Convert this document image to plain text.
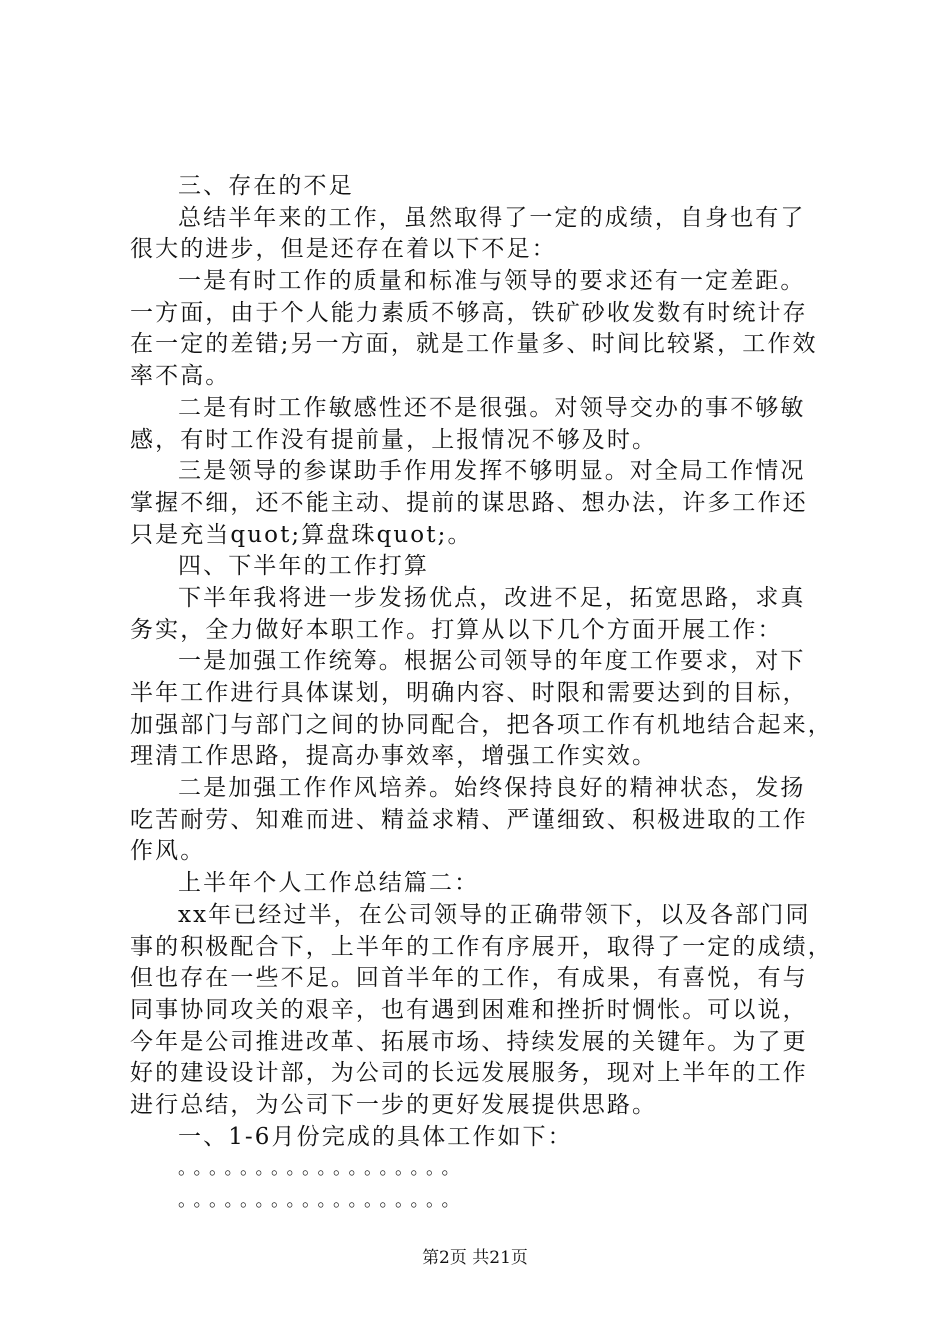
三、存在的不足
总结半年来的工作，虽然取得了一定的成绩，自身也有了
很大的进步，但是还存在着以下不足：
一是有时工作的质量和标准与领导的要求还有一定差距。
一方面，由于个人能力素质不够高，铁矿砂收发数有时统计存
在一定的差错;另一方面，就是工作量多、时间比较紧，工作效
率不高。
二是有时工作敏感性还不是很强。对领导交办的事不够敏
感，有时工作没有提前量，上报情况不够及时。
三是领导的参谋助手作用发挥不够明显。对全局工作情况
掌握不细，还不能主动、提前的谋思路、想办法，许多工作还
只是充当quot;算盘珠quot;。
四、下半年的工作打算
下半年我将进一步发扬优点，改进不足，拓宽思路，求真
务实，全力做好本职工作。打算从以下几个方面开展工作：
一是加强工作统筹。根据公司领导的年度工作要求，对下
半年工作进行具体谋划，明确内容、时限和需要达到的目标，
加强部门与部门之间的协同配合，把各项工作有机地结合起来，
理清工作思路，提高办事效率，增强工作实效。
二是加强工作作风培养。始终保持良好的精神状态，发扬
吃苦耐劳、知难而进、精益求精、严谨细致、积极进取的工作
作风。
上半年个人工作总结篇二：
xx年已经过半，在公司领导的正确带领下，以及各部门同
事的积极配合下，上半年的工作有序展开，取得了一定的成绩，
但也存在一些不足。回首半年的工作，有成果，有喜悦，有与
同事协同攻关的艰辛，也有遇到困难和挫折时惆怅。可以说，
今年是公司推进改革、拓展市场、持续发展的关键年。为了更
好的建设设计部，为公司的长远发展服务，现对上半年的工作
进行总结，为公司下一步的更好发展提供思路。
一、1-6月份完成的具体工作如下：
。。。。。。。。。。。。。。。。。。
。。。。。。。。。。。。。。。。。。
第2页 共21页
